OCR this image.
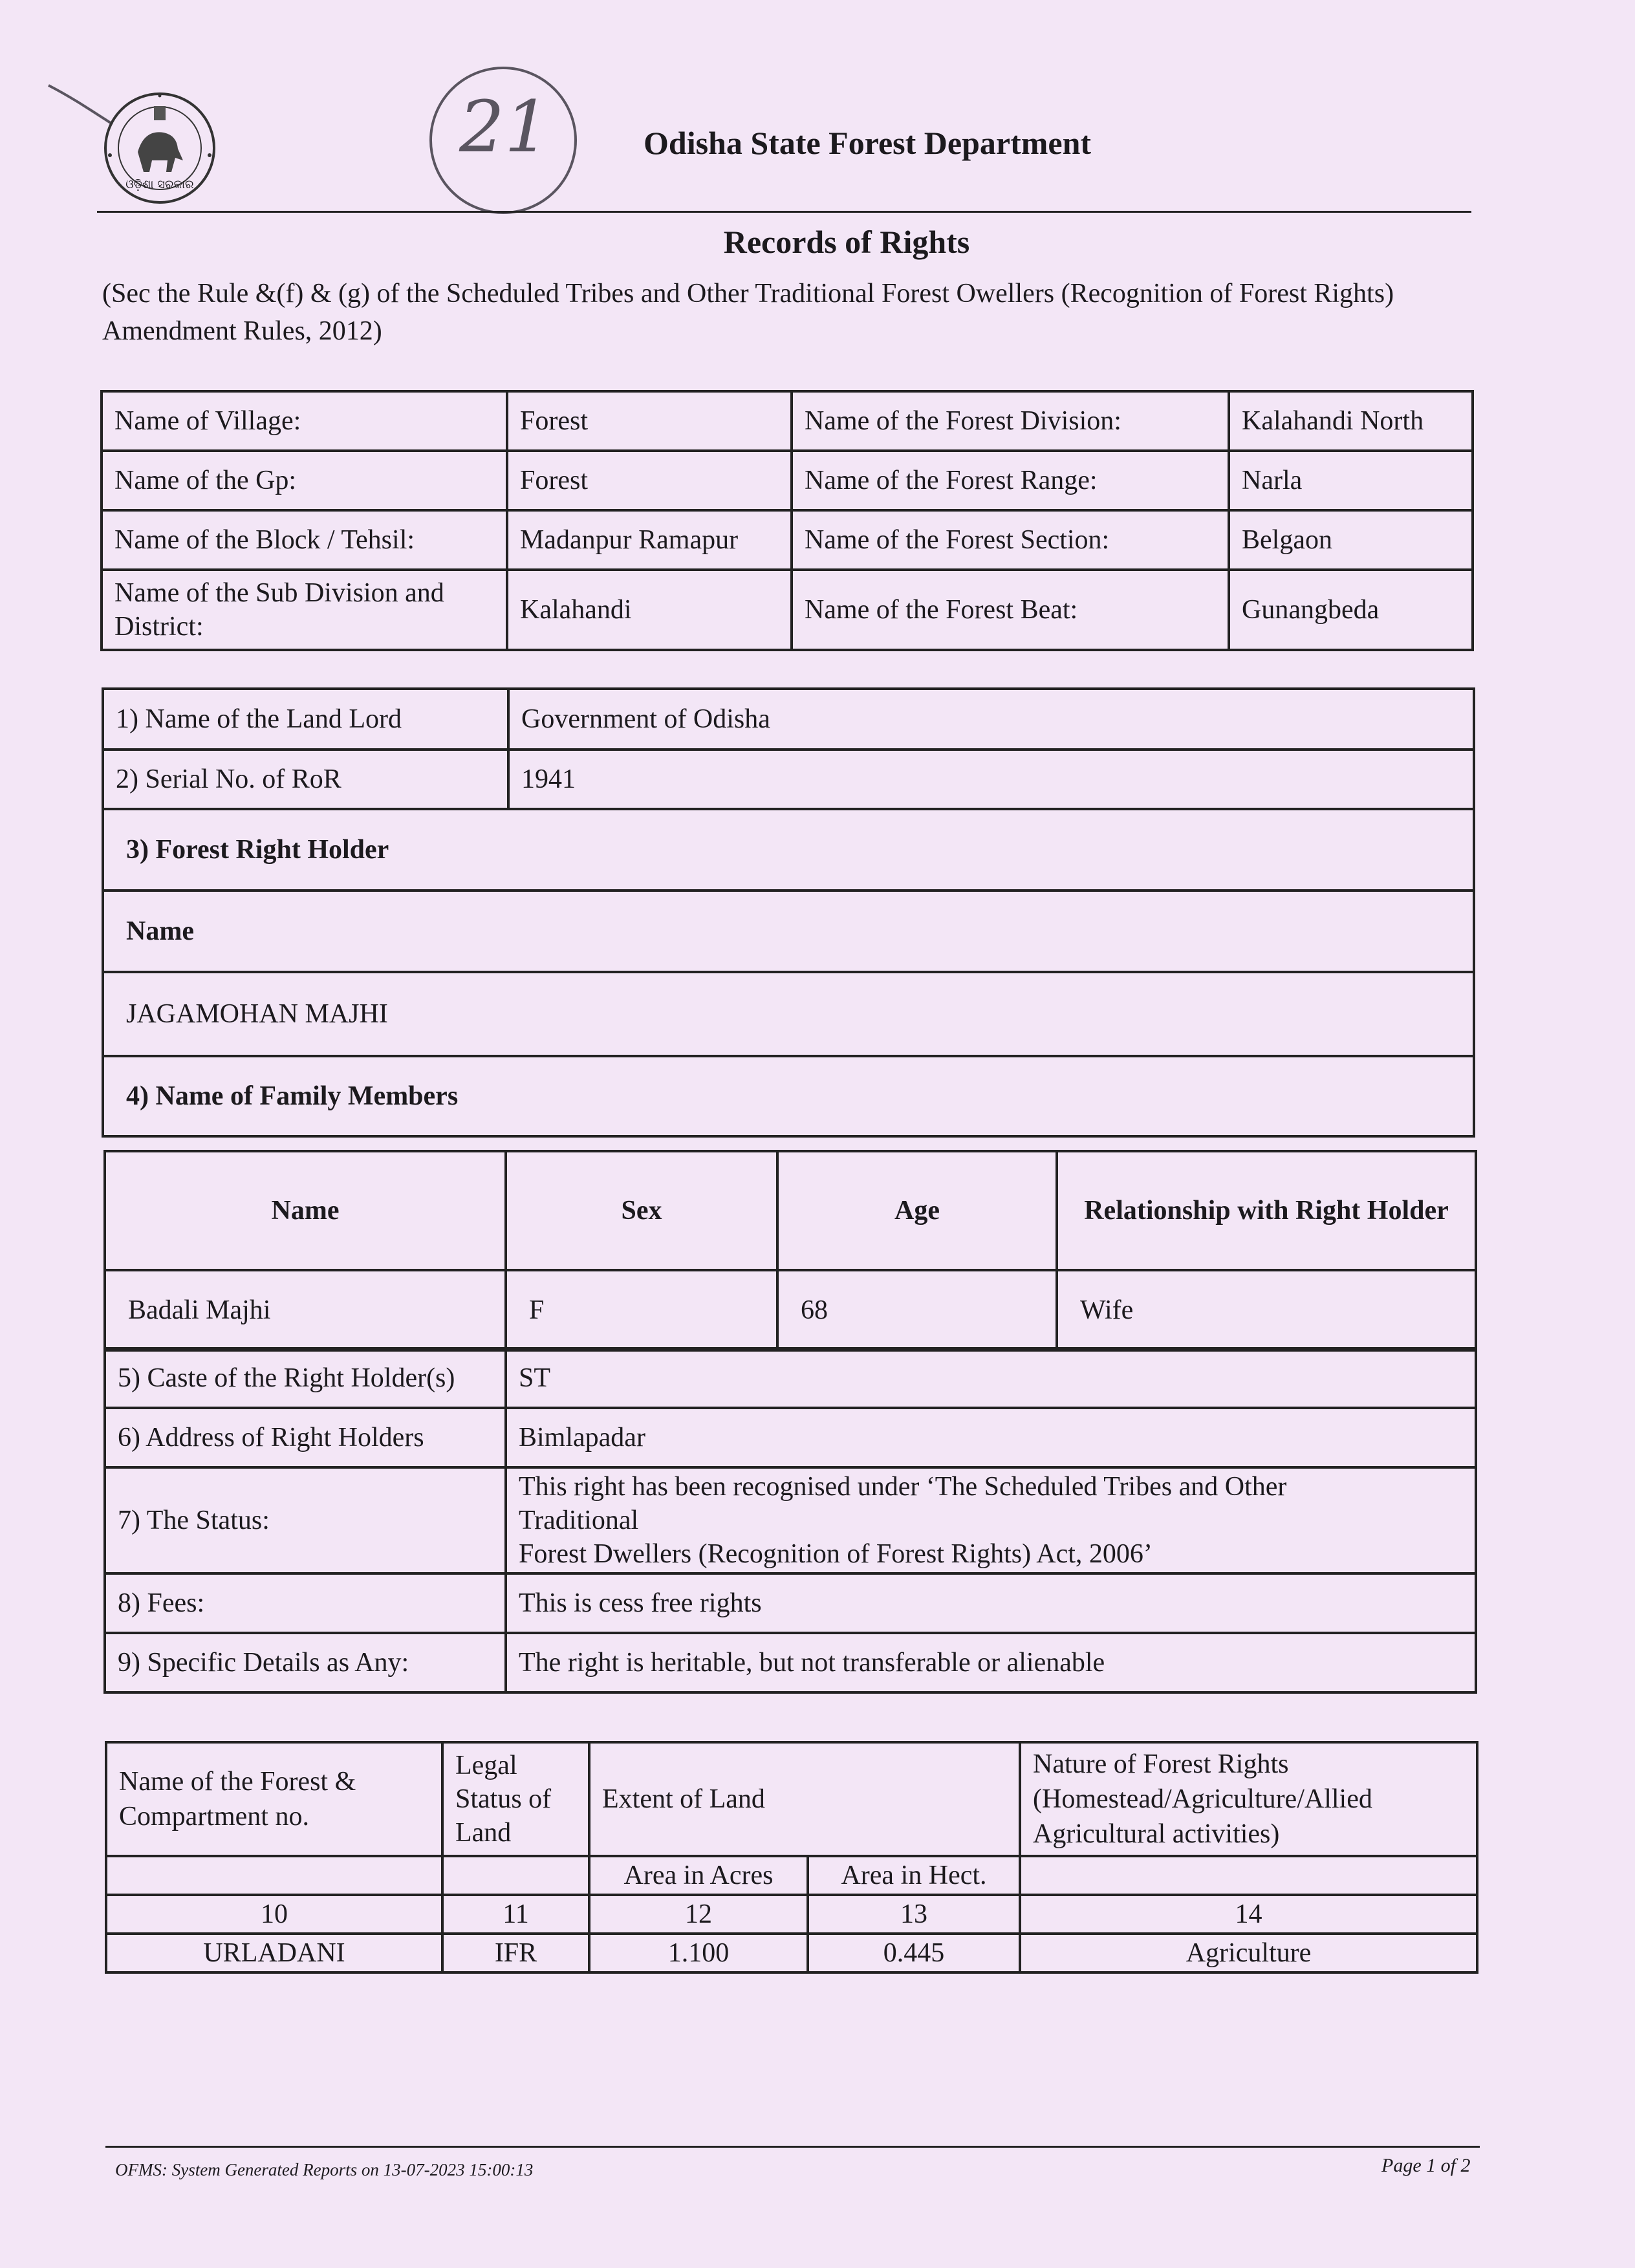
ଓଡ଼ିଶା ସରକାର
21	Odisha State Forest Department
Records of Rights
(Sec the Rule &(f) & (g) of the Scheduled Tribes and Other Traditional Forest Owellers (Recognition of Forest Rights) Amendment Rules, 2012)
Name of Village:	Forest	Name of the Forest Division:	Kalahandi North
Name of the Gp:	Forest	Name of the Forest Range:	Narla
Name of the Block / Tehsil:	Madanpur Ramapur	Name of the Forest Section:	Belgaon
Name of the Sub Division and District:	Kalahandi	Name of the Forest Beat:	Gunangbeda
1) Name of the Land Lord	Government of Odisha
2) Serial No. of RoR	1941
3) Forest Right Holder	
Name	
JAGAMOHAN MAJHI	
4) Name of Family Members	
Name	Sex	Age	Relationship with Right Holder
Badali Majhi	F	68	Wife
5) Caste of the Right Holder(s)	ST
6) Address of Right Holders	Bimlapadar
7) The Status:	This right has been recognised under ‘The Scheduled Tribes and Other
Traditional
Forest Dwellers (Recognition of Forest Rights) Act, 2006’

8) Fees:	This is cess free rights
9) Specific Details as Any:	The right is heritable, but not transferable or alienable
Name of the Forest & Compartment no.	Legal Status of Land	Extent of Land		Nature of Forest Rights (Homestead/Agriculture/Allied Agricultural activities)
		Area in Acres	Area in Hect.	
10	11	12	13	14
URLADANI	IFR	1.100	0.445	Agriculture
OFMS: System Generated Reports on 13-07-2023 15:00:13	Page 1 of 2
